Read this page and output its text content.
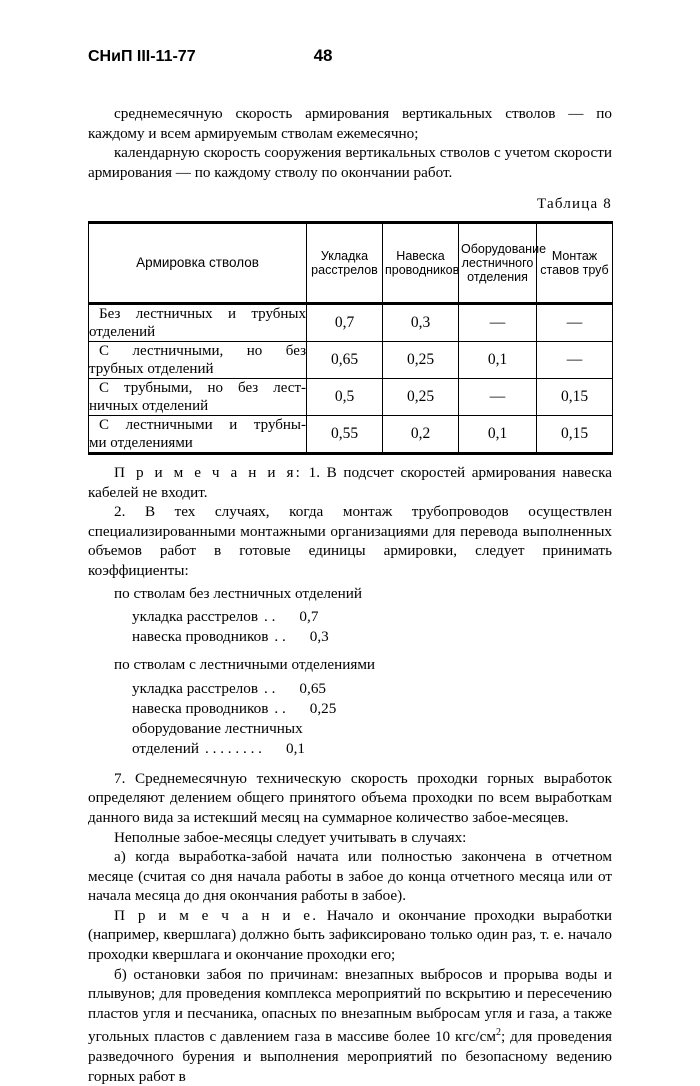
СНиП III-11-77	48

среднемесячную скорость армирования вертикальных стволов — по каждому и всем армируемым стволам ежемесячно;

календарную скорость сооружения вертикальных стволов с учетом скорости армирования — по каждому стволу по окончании работ.

Таблица 8
Армировка стволов	Укладка расстрелов	Навеска проводников	Оборудование лестничного отделения	Монтаж ставов труб

Без лестничных и трубных
отделений	0,7	0,3	—	—

С лестничными, но без
трубных отделений	0,65	0,25	0,1	—

С трубными, но без лест-
ничных отделений	0,5	0,25	—	0,15

С лестничными и трубны-
ми отделениями	0,55	0,2	0,1	0,15

П р и м е ч а н и я: 1. В подсчет скоростей армирования навеска кабелей не входит.

2. В тех случаях, когда монтаж трубопроводов осуществлен специализированными монтажными организациями для перевода выполненных объемов работ в готовые единицы армировки, следует принимать коэффициенты:

по стволам без лестничных отделений

укладка расстрелов . . 0,7
навеска проводников . . 0,3

по стволам с лестничными отделениями

укладка расстрелов . . 0,65
навеска проводников . . 0,25
оборудование лестничных
отделений . . . . . . . . 0,1

7. Среднемесячную техническую скорость проходки горных выработок определяют делением общего принятого объема проходки по всем выработкам данного вида за истекший месяц на суммарное количество забое-месяцев.

Неполные забое-месяцы следует учитывать в случаях:

а) когда выработка-забой начата или полностью закончена в отчетном месяце (считая со дня начала работы в забое до конца отчетного месяца или от начала месяца до дня окончания работы в забое).

П р и м е ч а н и е. Начало и окончание проходки выработки (например, квершлага) должно быть зафиксировано только один раз, т. е. начало проходки квершлага и окончание проходки его;

б) остановки забоя по причинам: внезапных выбросов и прорыва воды и плывунов; для проведения комплекса мероприятий по вскрытию и пересечению пластов угля и песчаника, опасных по внезапным выбросам угля и газа, а также угольных пластов с давлением газа в массиве более 10 кгс/$см^2$; для проведения разведочного бурения и выполнения мероприятий по безопасному ведению горных работ в
